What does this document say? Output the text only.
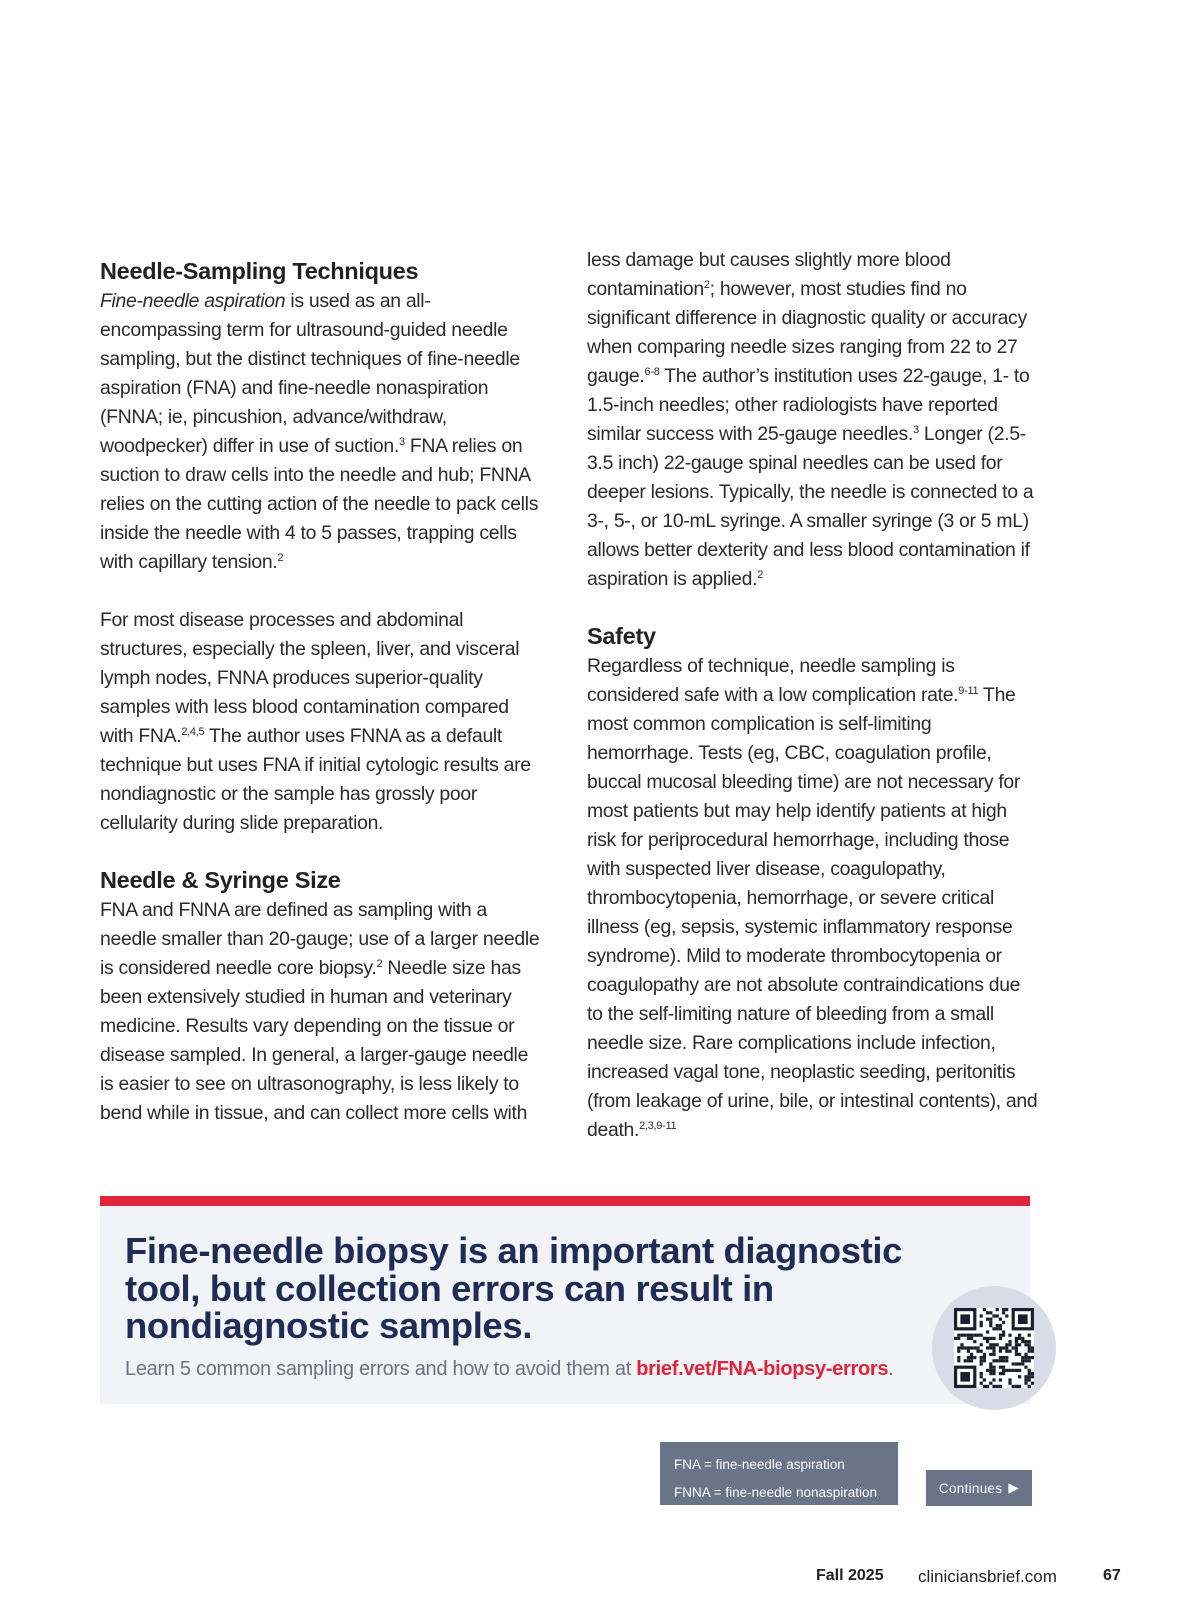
Needle-Sampling Techniques

Fine-needle aspiration is used as an all-encompassing term for ultrasound-guided needle sampling, but the distinct techniques of fine-needle aspiration (FNA) and fine-needle nonaspiration (FNNA; ie, pincushion, advance/withdraw, woodpecker) differ in use of suction.$^3$ FNA relies on suction to draw cells into the needle and hub; FNNA relies on the cutting action of the needle to pack cells inside the needle with 4 to 5 passes, trapping cells with capillary tension.$^2$

For most disease processes and abdominal structures, especially the spleen, liver, and visceral lymph nodes, FNNA produces superior-quality samples with less blood contamination compared with FNA.$^{2,4,5}$ The author uses FNNA as a default technique but uses FNA if initial cytologic results are nondiagnostic or the sample has grossly poor cellularity during slide preparation.

Needle & Syringe Size

FNA and FNNA are defined as sampling with a needle smaller than 20-gauge; use of a larger needle is considered needle core biopsy.$^2$ Needle size has been extensively studied in human and veterinary medicine. Results vary depending on the tissue or disease sampled. In general, a larger-gauge needle is easier to see on ultrasonography, is less likely to bend while in tissue, and can collect more cells with

less damage but causes slightly more blood contamination$^2$; however, most studies find no significant difference in diagnostic quality or accuracy when comparing needle sizes ranging from 22 to 27 gauge.$^{6-8}$ The author’s institution uses 22-gauge, 1- to 1.5-inch needles; other radiologists have reported similar success with 25-gauge needles.$^3$ Longer (2.5-3.5 inch) 22-gauge spinal needles can be used for deeper lesions. Typically, the needle is connected to a 3-, 5-, or 10-mL syringe. A smaller syringe (3 or 5 mL) allows better dexterity and less blood contamination if aspiration is applied.$^2$

Safety

Regardless of technique, needle sampling is considered safe with a low complication rate.$^{9-11}$ The most common complication is self-limiting hemorrhage. Tests (eg, CBC, coagulation profile, buccal mucosal bleeding time) are not necessary for most patients but may help identify patients at high risk for periprocedural hemorrhage, including those with suspected liver disease, coagulopathy, thrombocytopenia, hemorrhage, or severe critical illness (eg, sepsis, systemic inflammatory response syndrome). Mild to moderate thrombocytopenia or coagulopathy are not absolute contraindications due to the self-limiting nature of bleeding from a small needle size. Rare complications include infection, increased vagal tone, neoplastic seeding, peritonitis (from leakage of urine, bile, or intestinal contents), and death.$^{2,3,9-11}$

Fine-needle biopsy is an important diagnostic tool, but collection errors can result in nondiagnostic samples.

Learn 5 common sampling errors and how to avoid them at brief.vet/FNA-biopsy-errors.

FNA = fine-needle aspiration
FNNA = fine-needle nonaspiration	Continues ▶
Fall 2025 cliniciansbrief.com	67
